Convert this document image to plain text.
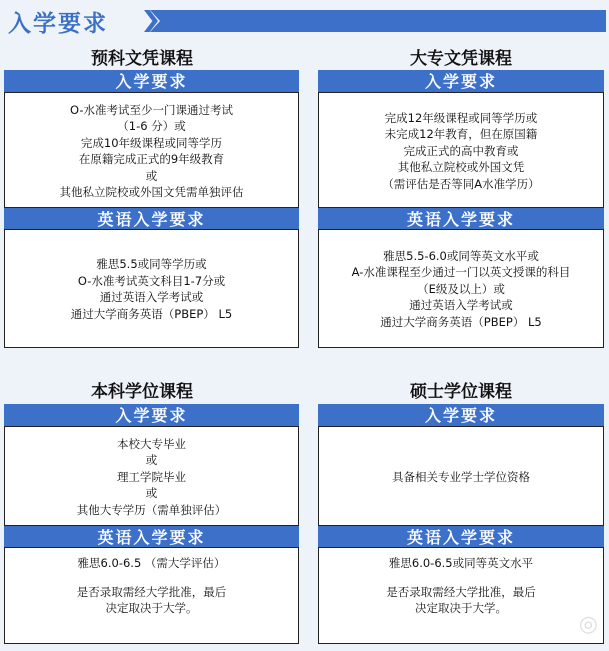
入学要求
预科文凭课程
入学要求
O-水准考试至少一门课通过考试
（1-6 分）或
完成10年级课程或同等学历
在原籍完成正式的9年级教育
或
其他私立院校或外国文凭需单独评估
英语入学要求
雅思5.5或同等学历或
O-水准考试英文科目1-7分或
通过英语入学考试或
通过大学商务英语（PBEP） L5
大专文凭课程
入学要求
完成12年级课程或同等学历或
未完成12年教育，但在原国籍
完成正式的高中教育或
其他私立院校或外国文凭
（需评估是否等同A水准学历）
英语入学要求
雅思5.5-6.0或同等英文水平或
A-水准课程至少通过一门以英文授课的科目
（E级及以上）或
通过英语入学考试或
通过大学商务英语（PBEP） L5
本科学位课程
入学要求
本校大专毕业
或
理工学院毕业
或
其他大专学历（需单独评估）
英语入学要求
雅思6.0-6.5 （需大学评估）
是否录取需经大学批准，最后
决定取决于大学。
硕士学位课程
入学要求
具备相关专业学士学位资格
英语入学要求
雅思6.0-6.5或同等英文水平
是否录取需经大学批准，最后
决定取决于大学。
◎
